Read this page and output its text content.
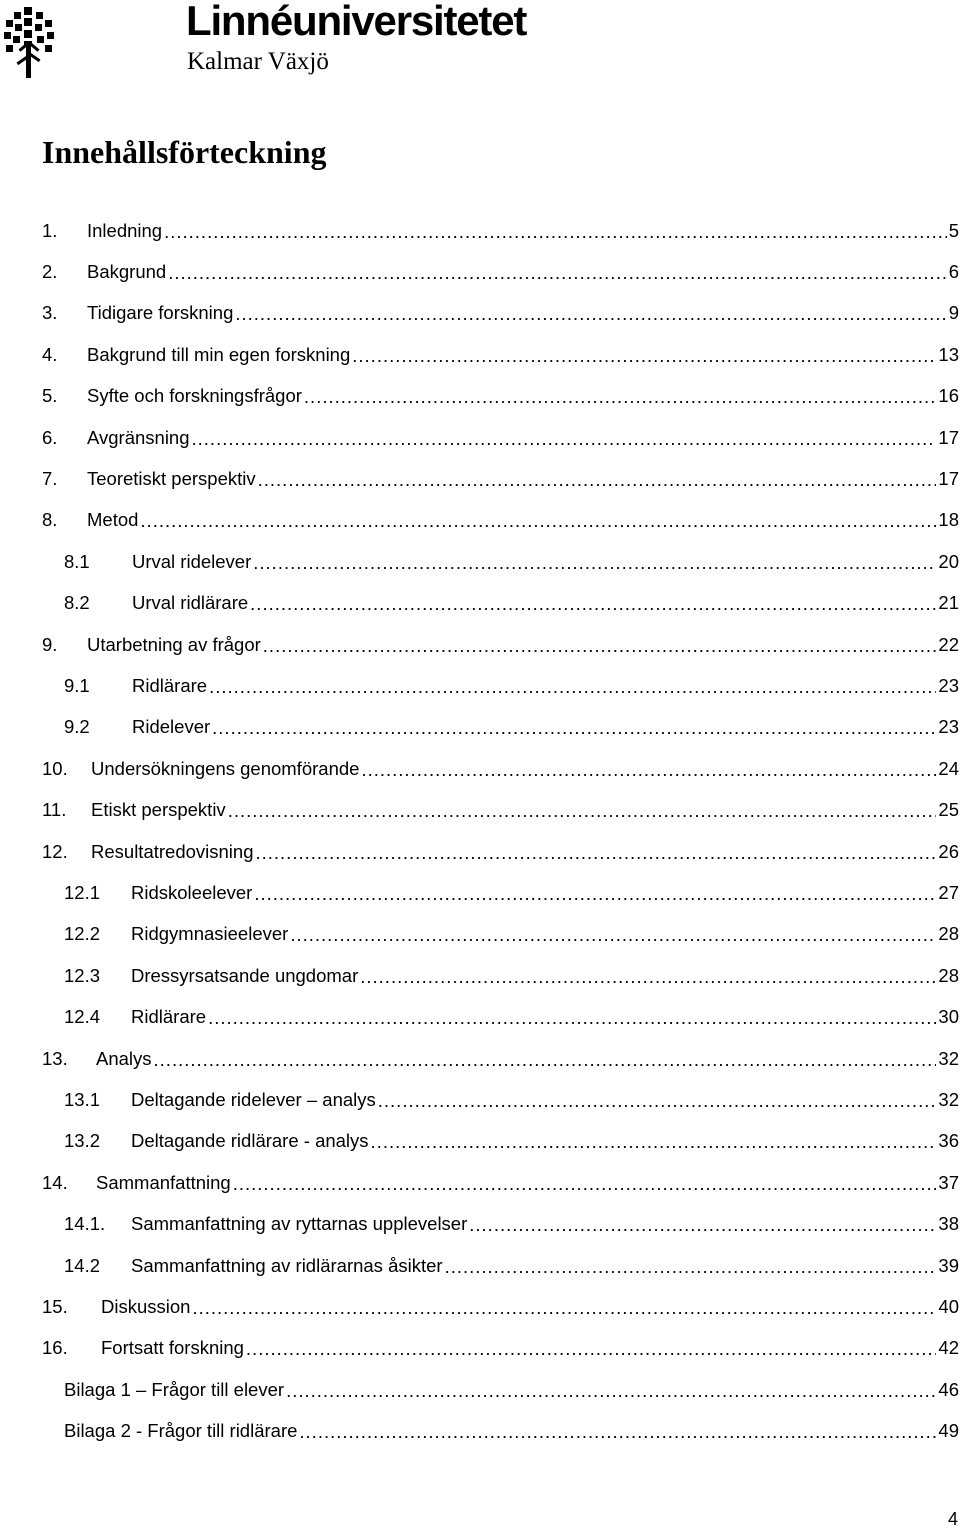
Linnéuniversitetet
Kalmar Växjö
Innehållsförteckning
1.	Inledning .....	5
2.	Bakgrund .....	6
3.	Tidigare forskning .....	9
4.	Bakgrund till min egen forskning .....	13
5.	Syfte och forskningsfrågor .....	16
6.	Avgränsning .....	17
7.	Teoretiskt perspektiv .....	17
8.	Metod .....	18
8.1	Urval ridelever .....	20
8.2	Urval ridlärare .....	21
9.	Utarbetning av frågor .....	22
9.1	Ridlärare .....	23
9.2	Ridelever .....	23
10.	Undersökningens genomförande .....	24
11.	Etiskt perspektiv .....	25
12.	Resultatredovisning .....	26
12.1	Ridskoleelever .....	27
12.2	Ridgymnasieelever .....	28
12.3	Dressyrsatsande ungdomar .....	28
12.4	Ridlärare .....	30
13.	Analys .....	32
13.1	Deltagande ridelever – analys .....	32
13.2	Deltagande ridlärare - analys .....	36
14.	Sammanfattning .....	37
14.1.	Sammanfattning av ryttarnas upplevelser .....	38
14.2	Sammanfattning av ridlärarnas åsikter .....	39
15.	Diskussion .....	40
16.	Fortsatt forskning .....	42
Bilaga 1 – Frågor till elever .....	46
Bilaga 2 - Frågor till ridlärare .....	49
4
